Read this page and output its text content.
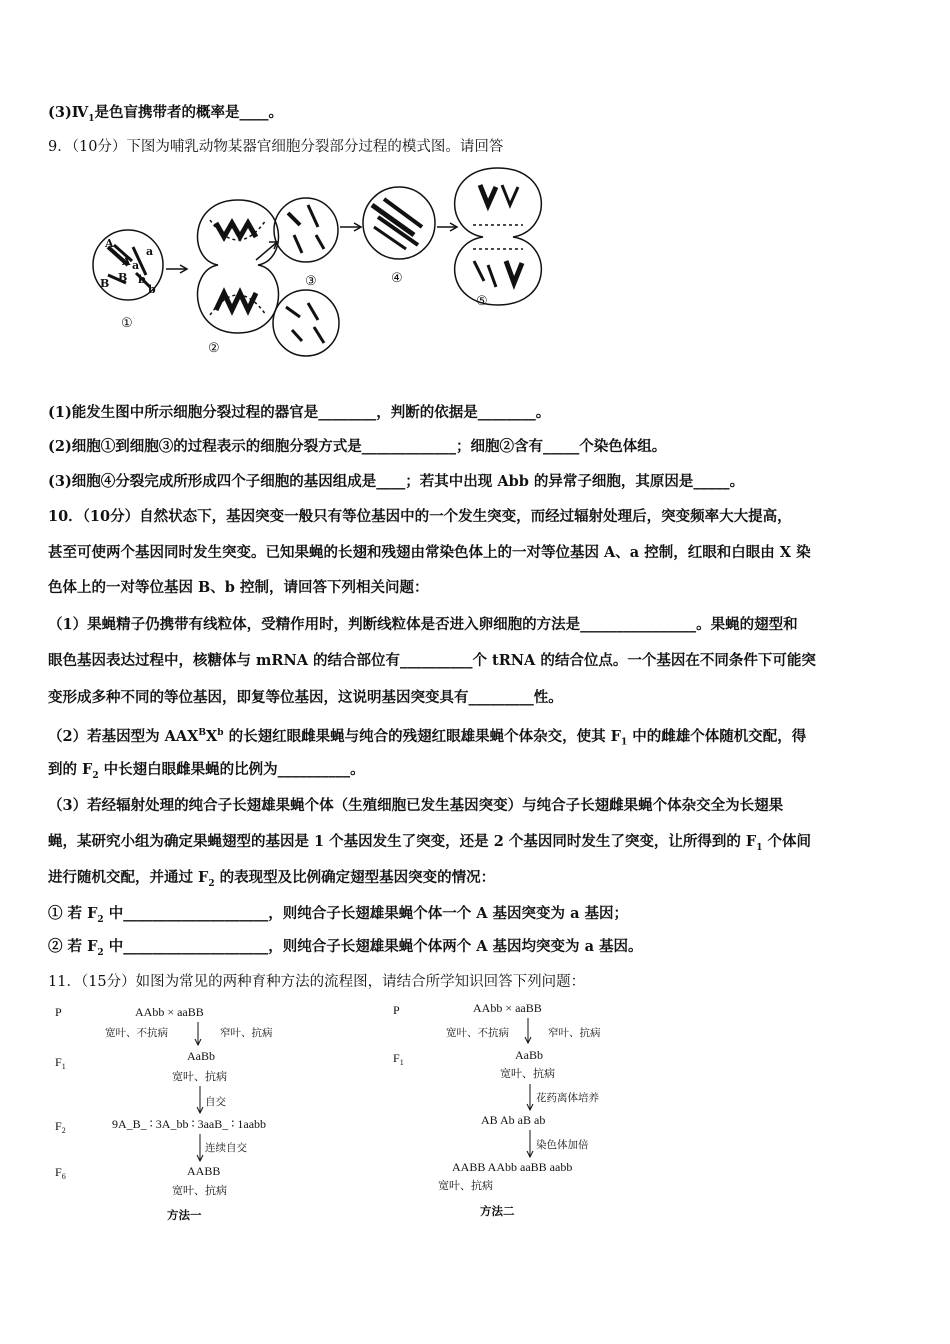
$(3)Ⅳ_1$是色盲携带者的概率是____。
9．（10分）下图为哺乳动物某器官细胞分裂部分过程的模式图。请回答
①
②
③	④
⑤
A
a
A a
B
B	b
b
(1)能发生图中所示细胞分裂过程的器官是________，判断的依据是________。
(2)细胞①到细胞③的过程表示的细胞分裂方式是_____________；细胞②含有_____个染色体组。
(3)细胞④分裂完成所形成四个子细胞的基因组成是____；若其中出现 Abb 的异常子细胞，其原因是_____。
10．（10分）自然状态下，基因突变一般只有等位基因中的一个发生突变，而经过辐射处理后，突变频率大大提高，
甚至可使两个基因同时发生突变。已知果蝇的长翅和残翅由常染色体上的一对等位基因 A、a 控制，红眼和白眼由 X 染
色体上的一对等位基因 B、b 控制，请回答下列相关问题：
（1）果蝇精子仍携带有线粒体，受精作用时，判断线粒体是否进入卵细胞的方法是________________。果蝇的翅型和
眼色基因表达过程中，核糖体与 mRNA 的结合部位有__________个 tRNA 的结合位点。一个基因在不同条件下可能突
变形成多种不同的等位基因，即复等位基因，这说明基因突变具有_________性。
（2）若基因型为 $AAX^BX^b$ 的长翅红眼雌果蝇与纯合的残翅红眼雄果蝇个体杂交，使其 $F_1$ 中的雌雄个体随机交配，得
到的 $F_2$ 中长翅白眼雌果蝇的比例为__________。
（3）若经辐射处理的纯合子长翅雄果蝇个体（生殖细胞已发生基因突变）与纯合子长翅雌果蝇个体杂交全为长翅果
蝇，某研究小组为确定果蝇翅型的基因是 1 个基因发生了突变，还是 2 个基因同时发生了突变，让所得到的 $F_1$ 个体间
进行随机交配，并通过 $F_2$ 的表现型及比例确定翅型基因突变的情况：
① 若 $F_2$ 中____________________，则纯合子长翅雄果蝇个体一个 A 基因突变为 a 基因；
② 若 $F_2$ 中____________________，则纯合子长翅雄果蝇个体两个 A 基因均突变为 a 基因。
11．（15分）如图为常见的两种育种方法的流程图，请结合所学知识回答下列问题：
P	AAbb × aaBB
宽叶、不抗病	窄叶、抗病
$F_1$
AaBb
宽叶、抗病
自交
$F_2$	9A_B_ ∶ 3A_bb ∶ 3aaB_ ∶ 1aabb
连续自交
$F_6$	AABB
宽叶、抗病
方法一
P	AAbb × aaBB
宽叶、不抗病	窄叶、抗病
$F_1$
AaBb
宽叶、抗病
花药离体培养
AB Ab aB ab
染色体加倍
AABB AAbb aaBB aabb
宽叶、抗病
方法二
